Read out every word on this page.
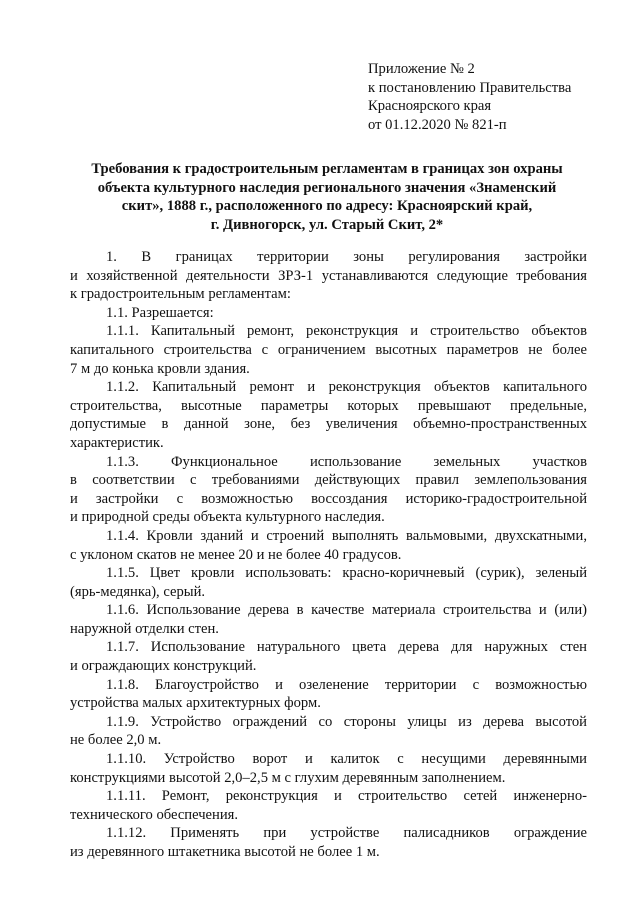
Приложение № 2
к постановлению Правительства
Красноярского края
от 01.12.2020 № 821-п
Требования к градостроительным регламентам в границах зон охраны
объекта культурного наследия регионального значения «Знаменский
скит», 1888 г., расположенного по адресу: Красноярский край,
г. Дивногорск, ул. Старый Скит, 2*
1. В границах территории зоны регулирования застройки
и хозяйственной деятельности ЗРЗ-1 устанавливаются следующие требования
к градостроительным регламентам:
1.1. Разрешается:
1.1.1. Капитальный ремонт, реконструкция и строительство объектов
капитального строительства с ограничением высотных параметров не более
7 м до конька кровли здания.
1.1.2. Капитальный ремонт и реконструкция объектов капитального
строительства, высотные параметры которых превышают предельные,
допустимые в данной зоне, без увеличения объемно-пространственных
характеристик.
1.1.3. Функциональное использование земельных участков
в соответствии с требованиями действующих правил землепользования
и застройки с возможностью воссоздания историко-градостроительной
и природной среды объекта культурного наследия.
1.1.4. Кровли зданий и строений выполнять вальмовыми, двухскатными,
с уклоном скатов не менее 20 и не более 40 градусов.
1.1.5. Цвет кровли использовать: красно-коричневый (сурик), зеленый
(ярь-медянка), серый.
1.1.6. Использование дерева в качестве материала строительства и (или)
наружной отделки стен.
1.1.7. Использование натурального цвета дерева для наружных стен
и ограждающих конструкций.
1.1.8. Благоустройство и озеленение территории с возможностью
устройства малых архитектурных форм.
1.1.9. Устройство ограждений со стороны улицы из дерева высотой
не более 2,0 м.
1.1.10. Устройство ворот и калиток с несущими деревянными
конструкциями высотой 2,0–2,5 м с глухим деревянным заполнением.
1.1.11. Ремонт, реконструкция и строительство сетей инженерно-
технического обеспечения.
1.1.12. Применять при устройстве палисадников ограждение
из деревянного штакетника высотой не более 1 м.
